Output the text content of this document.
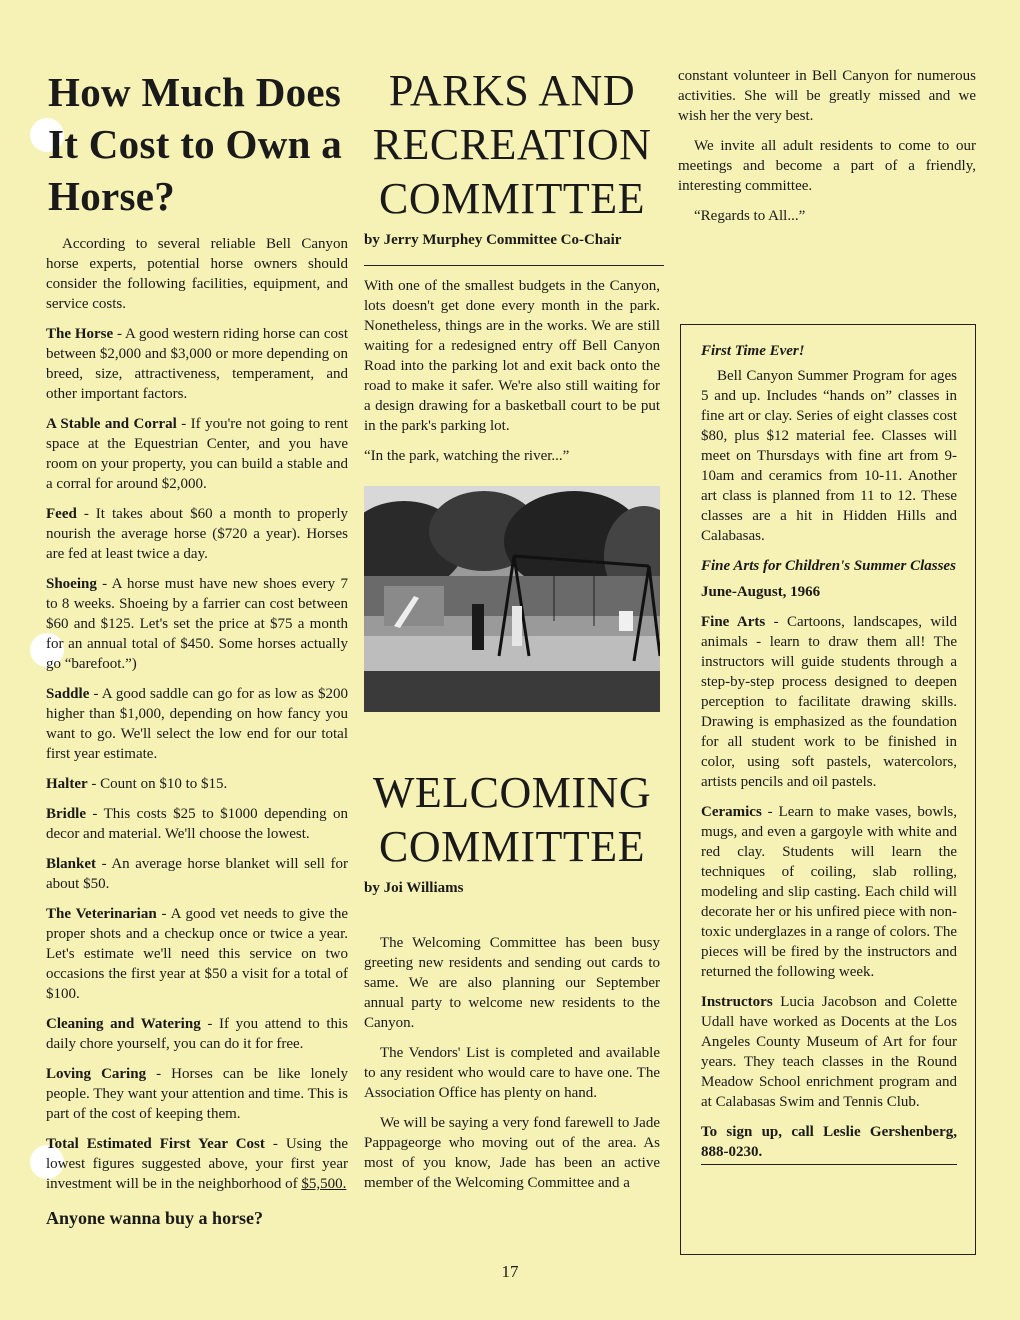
How Much Does It Cost to Own a Horse?

According to several reliable Bell Canyon horse experts, potential horse owners should consider the following facilities, equipment, and service costs.

The Horse - A good western riding horse can cost between $2,000 and $3,000 or more depending on breed, size, attractiveness, temperament, and other important factors.

A Stable and Corral - If you're not going to rent space at the Equestrian Center, and you have room on your property, you can build a stable and a corral for around $2,000.

Feed - It takes about $60 a month to properly nourish the average horse ($720 a year). Horses are fed at least twice a day.

Shoeing - A horse must have new shoes every 7 to 8 weeks. Shoeing by a farrier can cost between $60 and $125. Let's set the price at $75 a month for an annual total of $450. Some horses actually go “barefoot.”)

Saddle - A good saddle can go for as low as $200 higher than $1,000, depending on how fancy you want to go. We'll select the low end for our total first year estimate.

Halter - Count on $10 to $15.

Bridle - This costs $25 to $1000 depending on decor and material. We'll choose the lowest.

Blanket - An average horse blanket will sell for about $50.

The Veterinarian - A good vet needs to give the proper shots and a checkup once or twice a year. Let's estimate we'll need this service on two occasions the first year at $50 a visit for a total of $100.

Cleaning and Watering - If you attend to this daily chore yourself, you can do it for free.

Loving Caring - Horses can be like lonely people. They want your attention and time. This is part of the cost of keeping them.

Total Estimated First Year Cost - Using the lowest figures suggested above, your first year investment will be in the neighborhood of $5,500.

Anyone wanna buy a horse?
PARKS AND RECREATION COMMITTEE
by Jerry Murphey Committee Co-Chair

With one of the smallest budgets in the Canyon, lots doesn't get done every month in the park. Nonetheless, things are in the works. We are still waiting for a redesigned entry off Bell Canyon Road into the parking lot and exit back onto the road to make it safer. We're also still waiting for a design drawing for a basketball court to be put in the park's parking lot.

“In the park, watching the river...”

WELCOMING COMMITTEE
by Joi Williams

The Welcoming Committee has been busy greeting new residents and sending out cards to same. We are also planning our September annual party to welcome new residents to the Canyon.

The Vendors' List is completed and available to any resident who would care to have one. The Association Office has plenty on hand.

We will be saying a very fond farewell to Jade Pappageorge who moving out of the area. As most of you know, Jade has been an active member of the Welcoming Committee and a

constant volunteer in Bell Canyon for numerous activities. She will be greatly missed and we wish her the very best.

We invite all adult residents to come to our meetings and become a part of a friendly, interesting committee.

“Regards to All...”

First Time Ever!

Bell Canyon Summer Program for ages 5 and up. Includes “hands on” classes in fine art or clay. Series of eight classes cost $80, plus $12 material fee. Classes will meet on Thursdays with fine art from 9-10am and ceramics from 10-11. Another art class is planned from 11 to 12. These classes are a hit in Hidden Hills and Calabasas.

Fine Arts for Children's Summer Classes

June-August, 1966

Fine Arts - Cartoons, landscapes, wild animals - learn to draw them all! The instructors will guide students through a step-by-step process designed to deepen perception to facilitate drawing skills. Drawing is emphasized as the foundation for all student work to be finished in color, using soft pastels, watercolors, artists pencils and oil pastels.

Ceramics - Learn to make vases, bowls, mugs, and even a gargoyle with white and red clay. Students will learn the techniques of coiling, slab rolling, modeling and slip casting. Each child will decorate her or his unfired piece with non-toxic underglazes in a range of colors. The pieces will be fired by the instructors and returned the following week.

Instructors Lucia Jacobson and Colette Udall have worked as Docents at the Los Angeles County Museum of Art for four years. They teach classes in the Round Meadow School enrichment program and at Calabasas Swim and Tennis Club.

To sign up, call Leslie Gershenberg, 888-0230.

17
